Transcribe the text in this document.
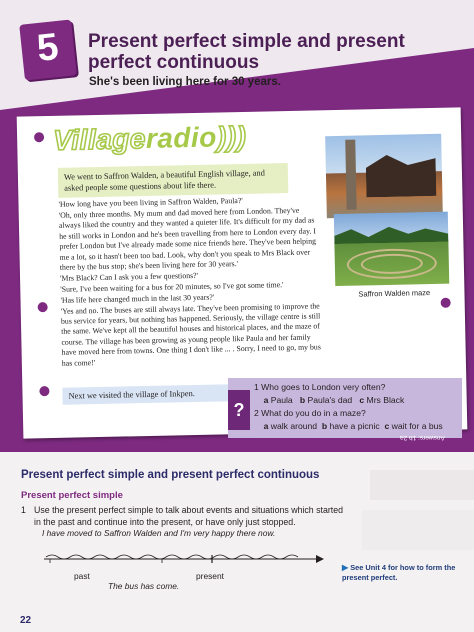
5	Present perfect simple and present perfect continuous
She's been living here for 30 years.
Villageradio)))
We went to Saffron Walden, a beautiful English village, and asked people some questions about life there.

'How long have you been living in Saffron Walden, Paula?'

'Oh, only three months. My mum and dad moved here from London. They've always liked the country and they wanted a quieter life. It's difficult for my dad as he still works in London and he's been travelling from here to London every day. I prefer London but I've already made some nice friends here. They've been helping me a lot, so it hasn't been too bad. Look, why don't you speak to Mrs Black over there by the bus stop; she's been living here for 30 years.'

'Mrs Black? Can I ask you a few questions?'

'Sure, I've been waiting for a bus for 20 minutes, so I've got some time.'

'Has life here changed much in the last 30 years?'

'Yes and no. The buses are still always late. They've been promising to improve the bus service for years, but nothing has happened. Seriously, the village centre is still the same. We've kept all the beautiful houses and historical places, and the maze of course. The village has been growing as young people like Paula and her family have moved here from towns. One thing I don't like ... . Sorry, I need to go, my bus has come!'

Saffron Walden maze
Next we visited the village of Inkpen.
?
1 Who goes to London very often?
a Paula b Paula's dad c Mrs Black
2 What do you do in a maze?
a walk around b have a picnic c wait for a bus
Answers: 1b 2a
Present perfect simple and present perfect continuous
Present perfect simple
1 Use the present perfect simple to talk about events and situations which started in the past and continue into the present, or have only just stopped.
I have moved to Saffron Walden and I'm very happy there now.
past	present
The bus has come.
▶ See Unit 4 for how to form the present perfect.
22
